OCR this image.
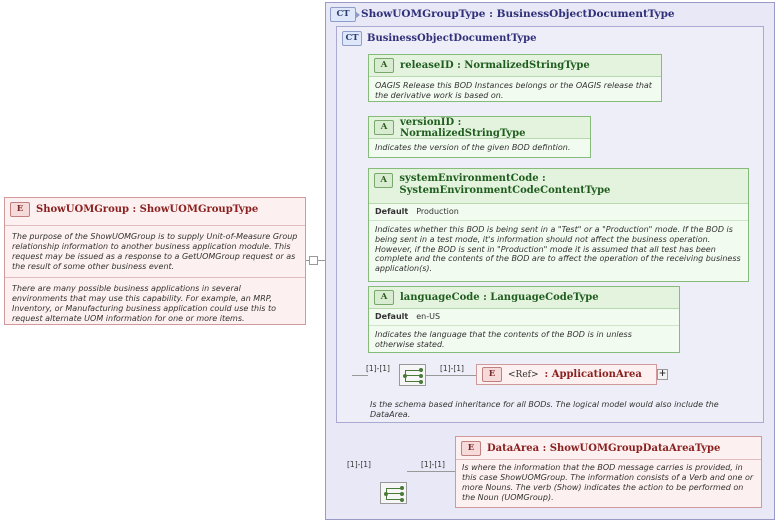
E	ShowUOMGroup : ShowUOMGroupType
The purpose of the ShowUOMGroup is to supply Unit-of-Measure Group relationship information to another business application module. This request may be issued as a response to a GetUOMGroup request or as the result of some other business event.
There are many possible business applications in several environments that may use this capability. For example, an MRP, Inventory, or Manufacturing business application could use this to request alternate UOM information for one or more items.
CT	ShowUOMGroupType : BusinessObjectDocumentType
CT BusinessObjectDocumentType
A	releaseID : NormalizedStringType
OAGIS Release this BOD Instances belongs or the OAGIS release that the derivative work is based on.
A	versionID : NormalizedStringType
Indicates the version of the given BOD defintion.
A	systemEnvironmentCode : SystemEnvironmentCodeContentType
Default Production
Indicates whether this BOD is being sent in a "Test" or a "Production" mode. If the BOD is being sent in a test mode, it's information should not affect the business operation. However, if the BOD is sent in "Production" mode it is assumed that all test has been complete and the contents of the BOD are to affect the operation of the receiving business application(s).
A	languageCode : LanguageCodeType
Default en-US
Indicates the language that the contents of the BOD is in unless otherwise stated.
[1]-[1]	[1]-[1]
E	<Ref> : ApplicationArea +
Is the schema based inheritance for all BODs. The logical model would also include the DataArea.
[1]-[1]	[1]-[1]
E	DataArea : ShowUOMGroupDataAreaType
Is where the information that the BOD message carries is provided, in this case ShowUOMGroup. The information consists of a Verb and one or more Nouns. The verb (Show) indicates the action to be performed on the Noun (UOMGroup).
